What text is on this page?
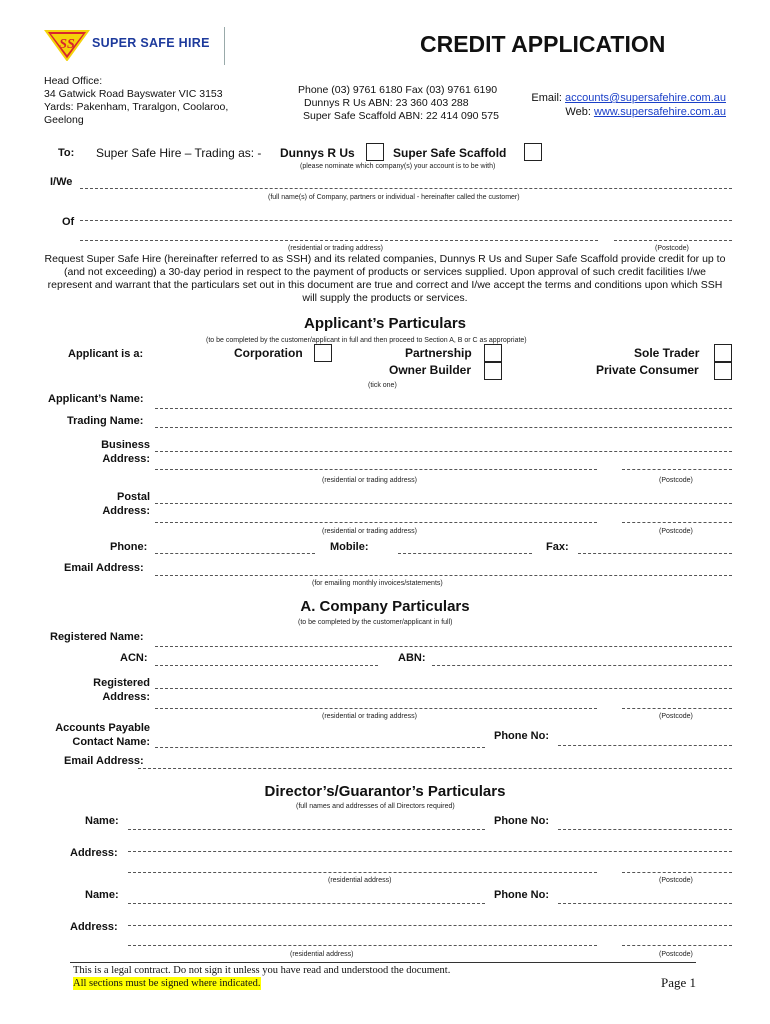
SS SUPER SAFE HIRE	CREDIT APPLICATION
Head Office:
34 Gatwick Road Bayswater VIC 3153
Yards: Pakenham, Traralgon, Coolaroo,
Geelong
Phone (03) 9761 6180 Fax (03) 9761 6190
Dunnys R Us ABN: 23 360 403 288
Super Safe Scaffold ABN: 22 414 090 575
Email: accounts@supersafehire.com.au
Web: www.supersafehire.com.au
To: Super Safe Hire – Trading as: - Dunnys R Us	Super Safe Scaffold
(please nominate which company(s) your account is to be with)
I/We
(full name(s) of Company, partners or individual - hereinafter called the customer)
Of
(residential or trading address)	(Postcode)
Request Super Safe Hire (hereinafter referred to as SSH) and its related companies, Dunnys R Us and Super Safe Scaffold provide credit for up to
(and not exceeding) a 30-day period in respect to the payment of products or services supplied. Upon approval of such credit facilities I/we
represent and warrant that the particulars set out in this document are true and correct and I/we accept the terms and conditions upon which SSH
will supply the products or services.
Applicant’s Particulars
(to be completed by the customer/applicant in full and then proceed to Section A, B or C as appropriate)
Applicant is a:	Corporation	Partnership
Owner Builder
Sole Trader
Private Consumer
(tick one)
Applicant’s Name:
Trading Name:
Business
Address:
(residential or trading address)	(Postcode)
Postal
Address:
(residential or trading address)	(Postcode)
Phone:	Mobile:	Fax:
Email Address:
(for emailing monthly invoices/statements)
A. Company Particulars
(to be completed by the customer/applicant in full)
Registered Name:
ACN:	ABN:
Registered
Address:
(residential or trading address)	(Postcode)
Accounts Payable
Contact Name:	Phone No:
Email Address:
Director’s/Guarantor’s Particulars
(full names and addresses of all Directors required)
Name:	Phone No:
Address:
(residential address)	(Postcode)
Name:	Phone No:
Address:
(residential address)	(Postcode)
This is a legal contract. Do not sign it unless you have read and understood the document.
All sections must be signed where indicated.	Page 1
